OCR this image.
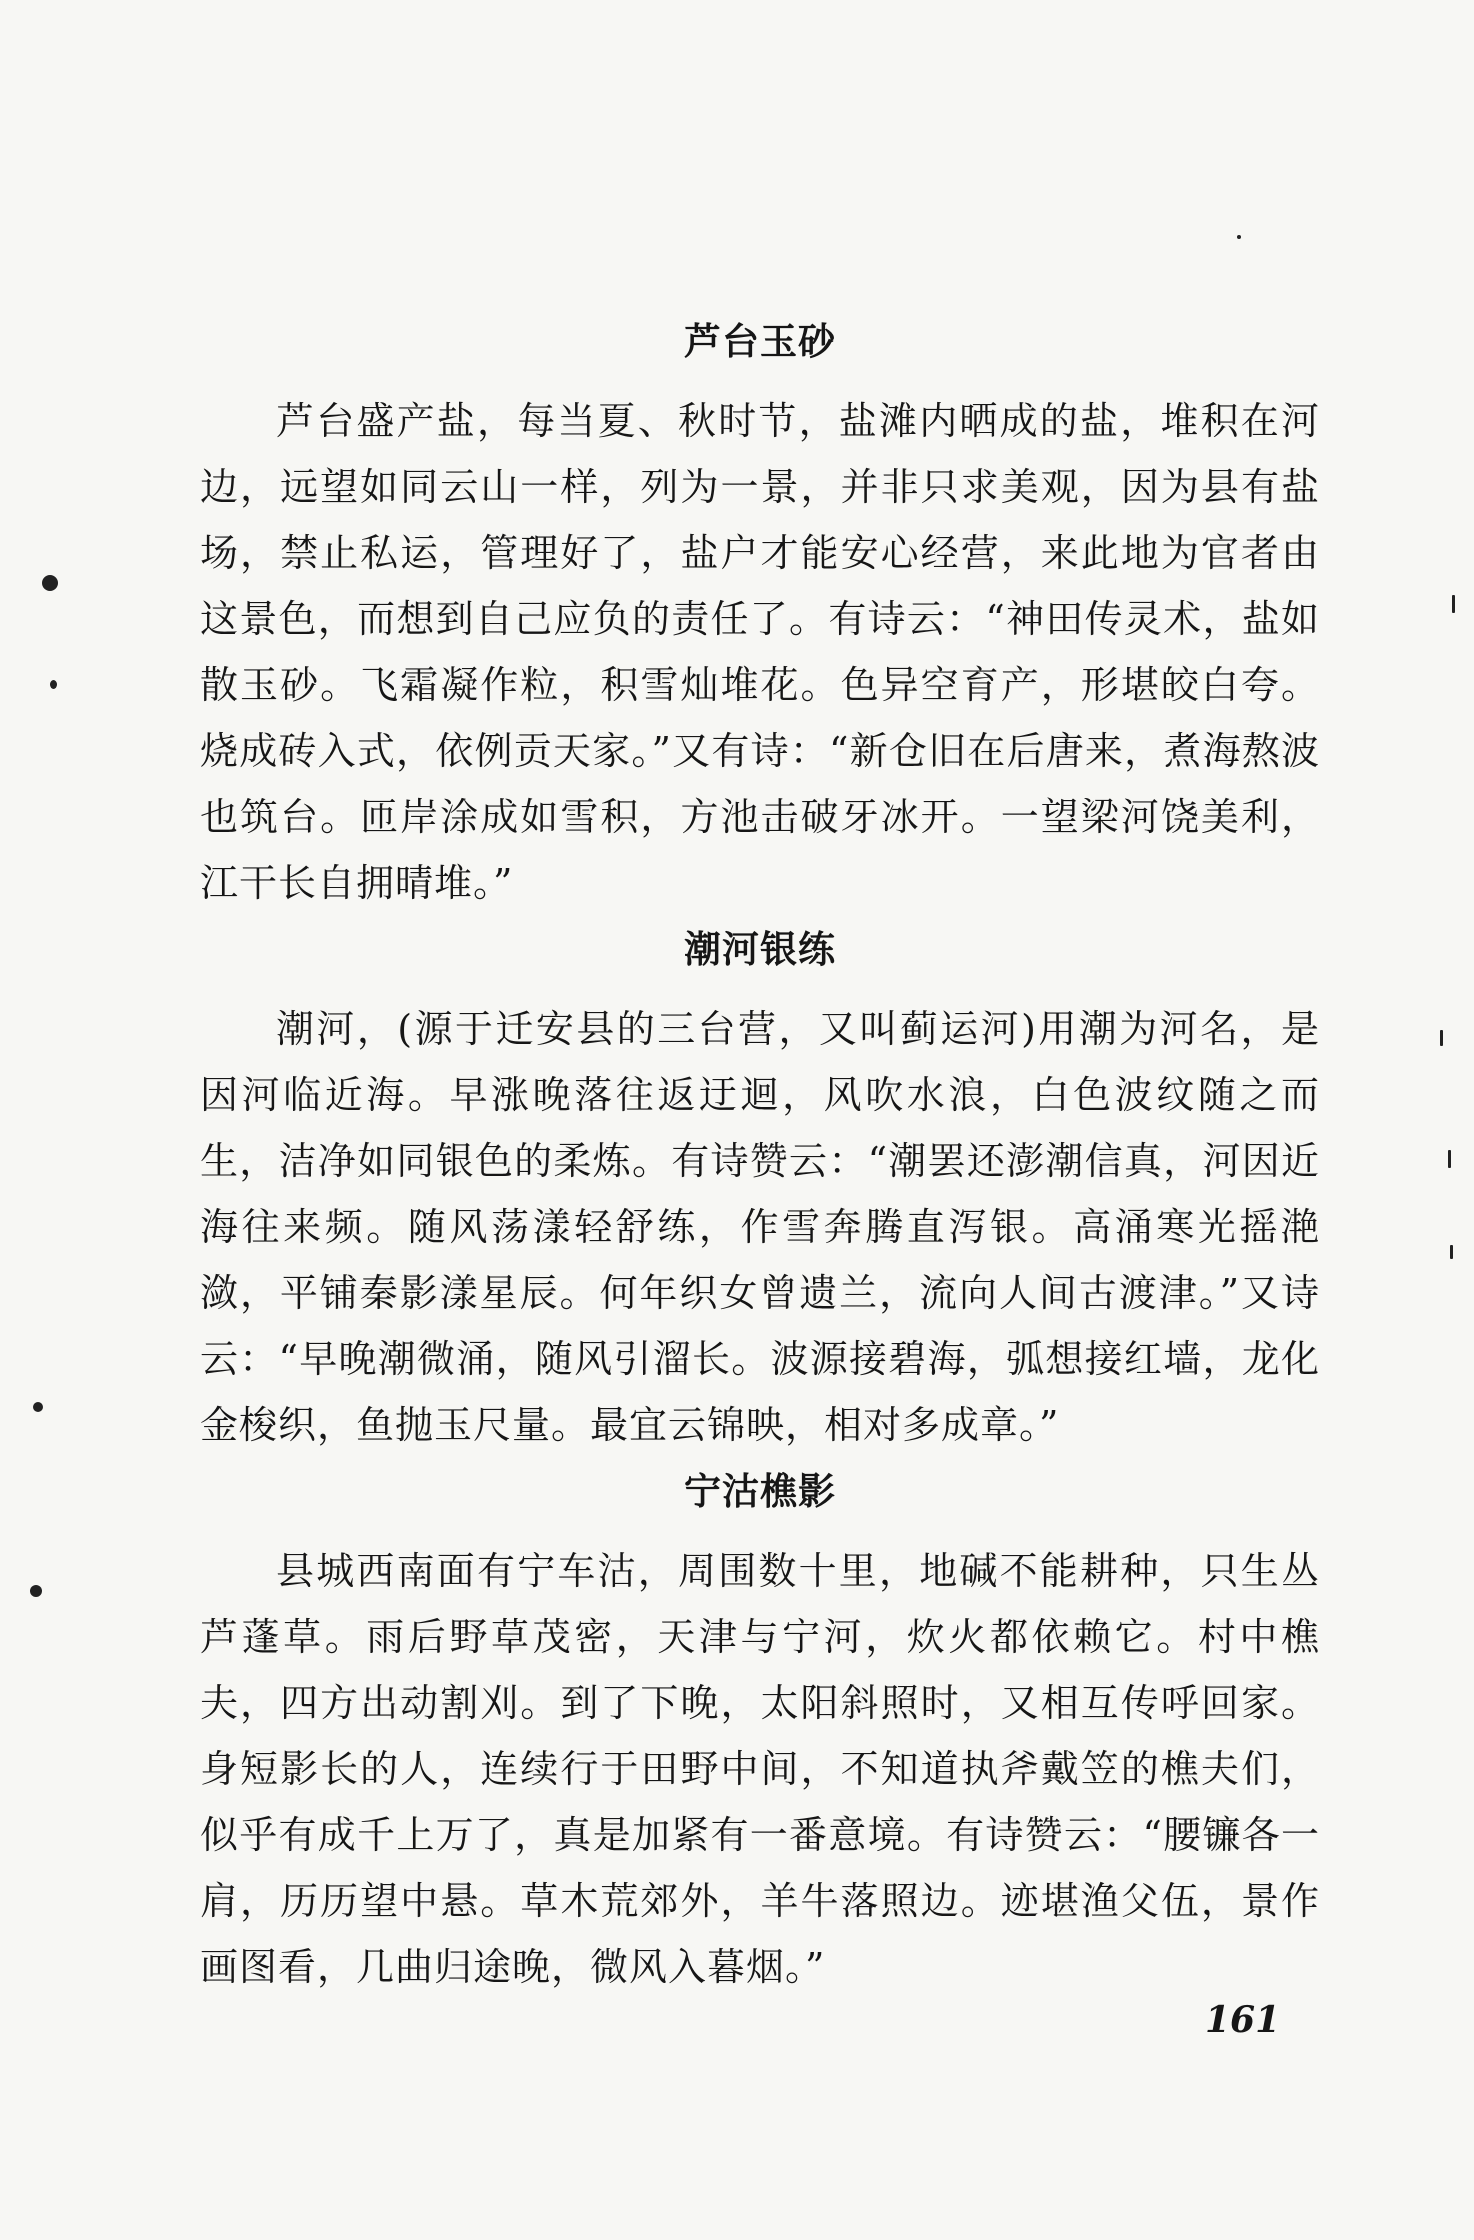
芦台玉砂

芦台盛产盐，每当夏、秋时节，盐滩内晒成的盐，堆积在河边，远望如同云山一样，列为一景，并非只求美观，因为县有盐场，禁止私运，管理好了，盐户才能安心经营，来此地为官者由这景色，而想到自己应负的责任了。有诗云：“神田传灵术，盐如散玉砂。飞霜凝作粒，积雪灿堆花。色异空育产，形堪皎白夸。烧成砖入式，依例贡天家。”又有诗：“新仓旧在后唐来，煮海熬波也筑台。匝岸涂成如雪积，方池击破牙冰开。一望梁河饶美利，江干长自拥晴堆。”

潮河银练

潮河，(源于迁安县的三台营，又叫蓟运河)用潮为河名，是因河临近海。早涨晚落往返迂迴，风吹水浪，白色波纹随之而生，洁净如同银色的柔炼。有诗赞云：“潮罢还澎潮信真，河因近海往来频。随风荡漾轻舒练，作雪奔腾直泻银。高涌寒光摇滟潋，平铺秦影漾星辰。何年织女曾遗兰，流向人间古渡津。”又诗云：“早晚潮微涌，随风引溜长。波源接碧海，弧想接红墙，龙化金梭织，鱼抛玉尺量。最宜云锦映，相对多成章。”

宁沽樵影

县城西南面有宁车沽，周围数十里，地碱不能耕种，只生丛芦蓬草。雨后野草茂密，天津与宁河，炊火都依赖它。村中樵夫，四方出动割刈。到了下晚，太阳斜照时，又相互传呼回家。身短影长的人，连续行于田野中间，不知道执斧戴笠的樵夫们，似乎有成千上万了，真是加紧有一番意境。有诗赞云：“腰镰各一肩，历历望中悬。草木荒郊外，羊牛落照边。迹堪渔父伍，景作画图看，几曲归途晚，微风入暮烟。”

161
